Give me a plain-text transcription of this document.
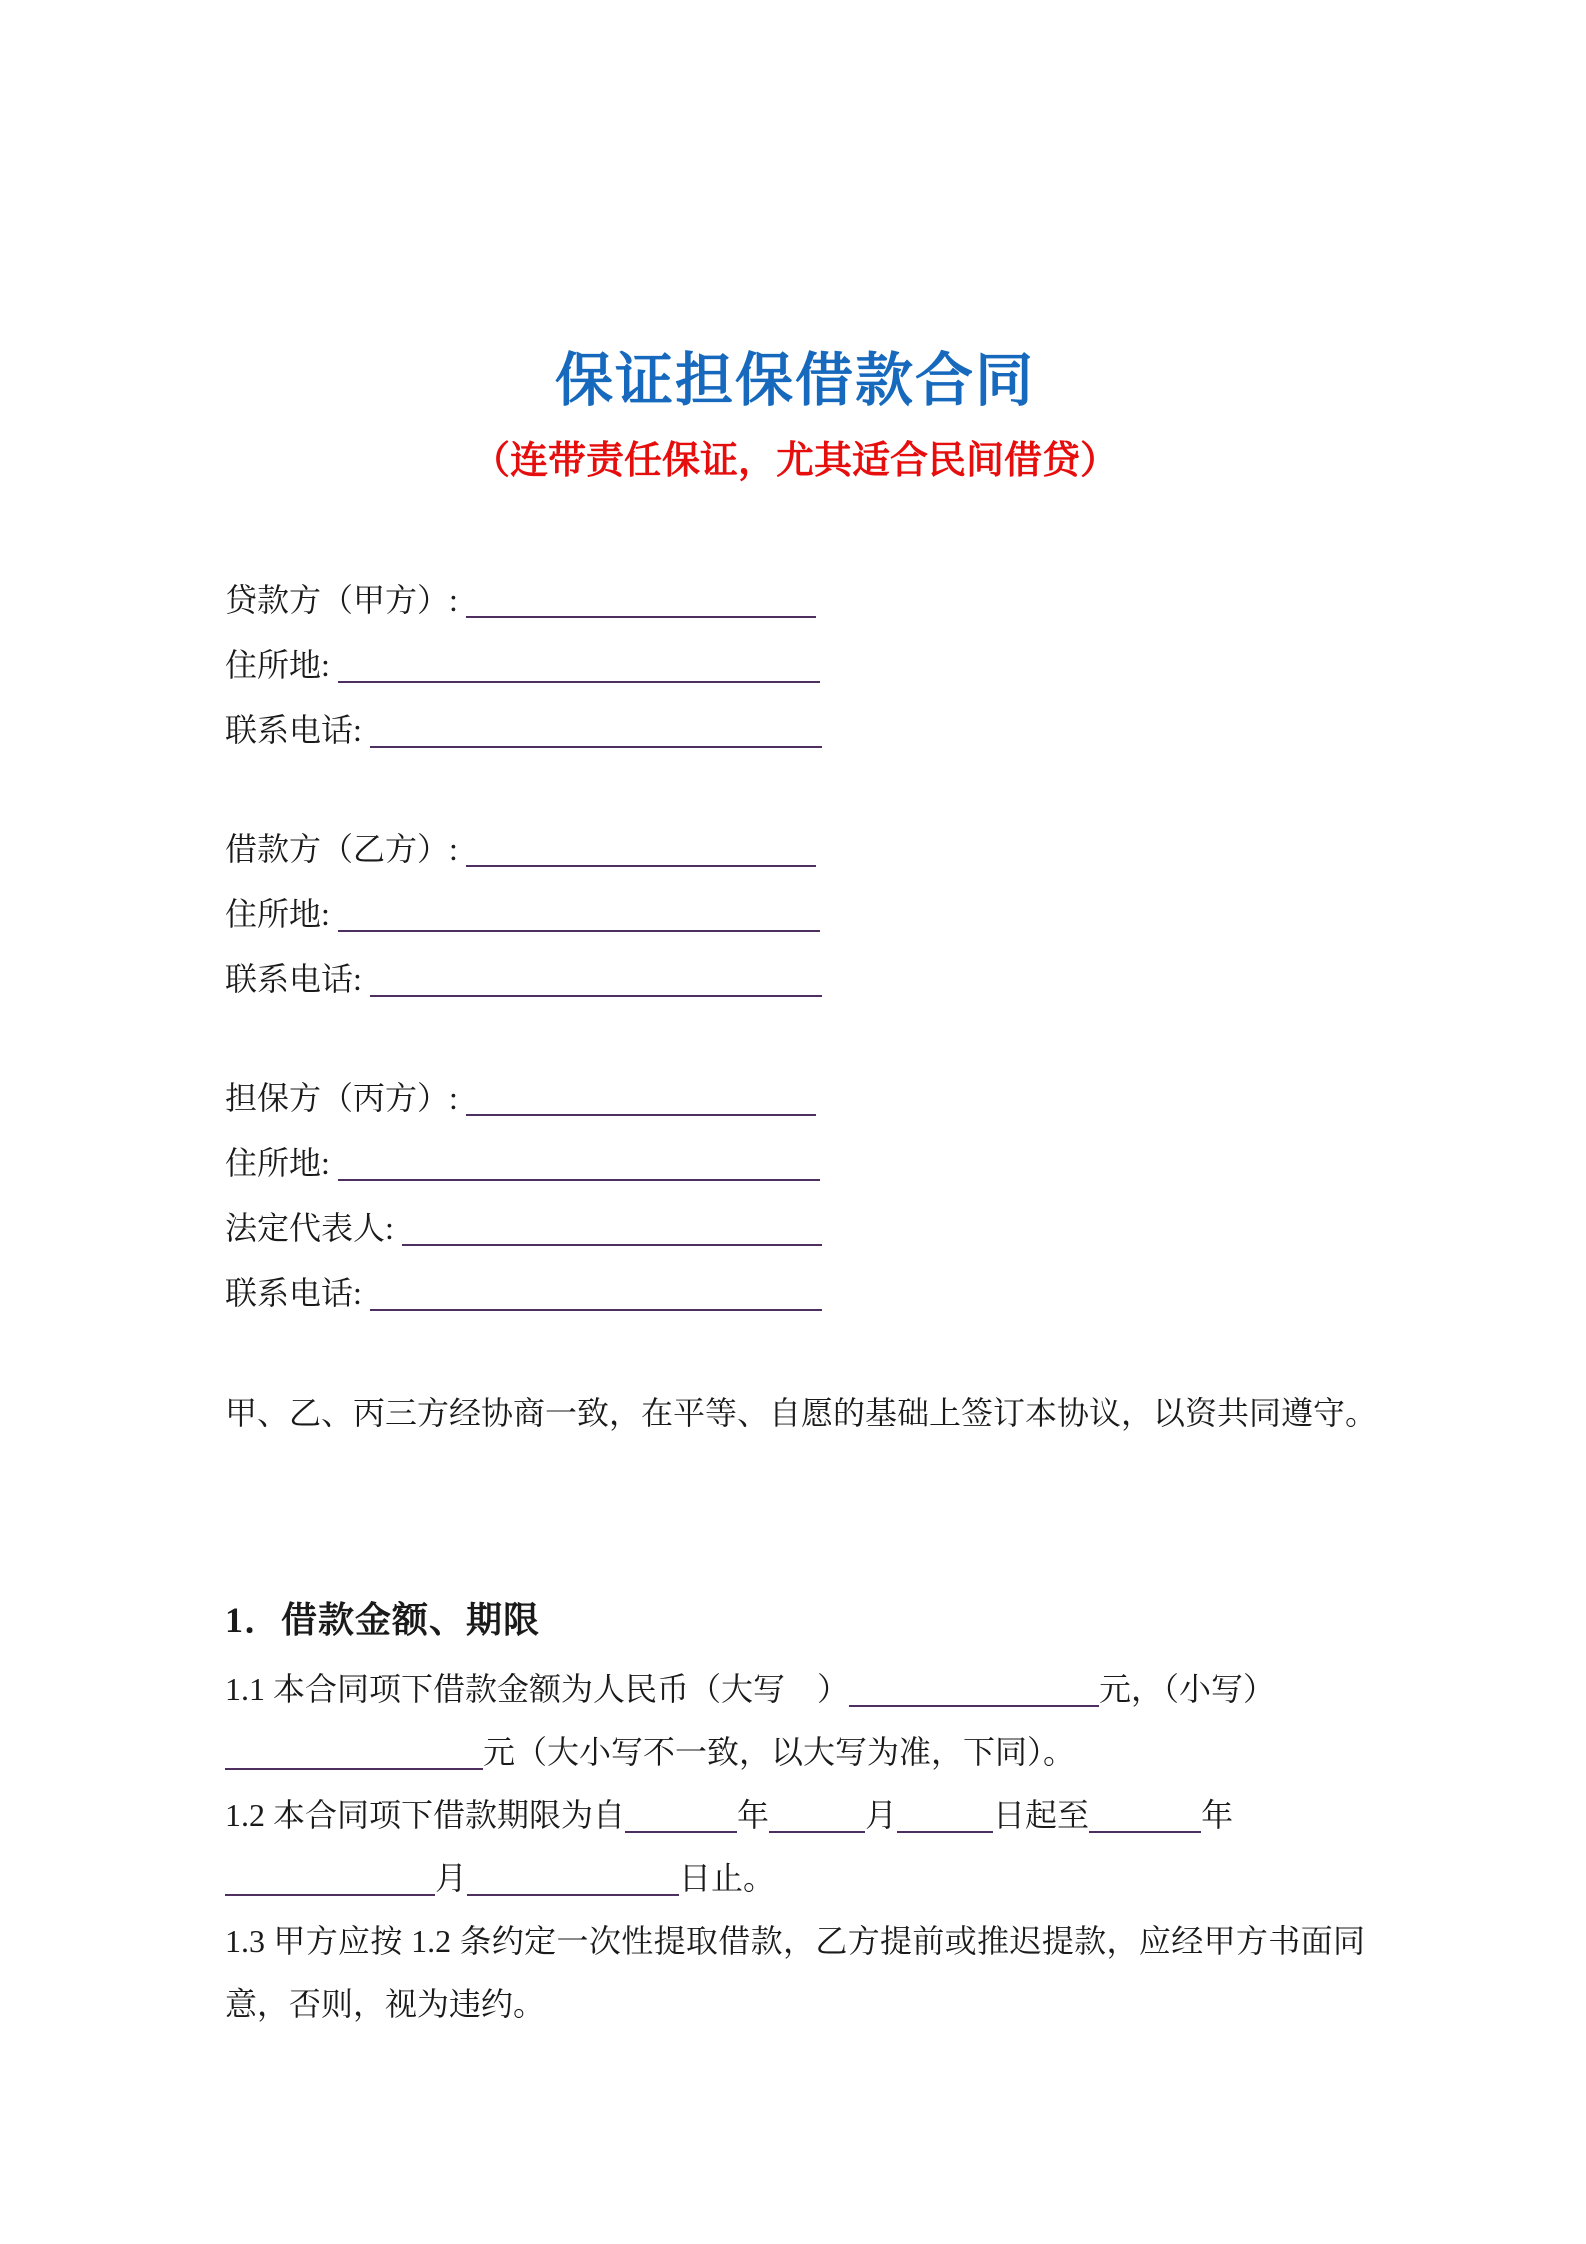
保证担保借款合同
（连带责任保证，尤其适合民间借贷）
贷款方（甲方）:
住所地:
联系电话:
借款方（乙方）:
住所地:
联系电话:
担保方（丙方）:
住所地:
法定代表人:
联系电话:

甲、乙、丙三方经协商一致，在平等、自愿的基础上签订本协议，以资共同遵守。

1．借款金额、期限

1.1 本合同项下借款金额为人民币（大写　）	元，（小写）
元（大小写不一致，以大写为准，下同）。

1.2 本合同项下借款期限为自	年	月	日起至	年
月	日止。

1.3 甲方应按 1.2 条约定一次性提取借款，乙方提前或推迟提款，应经甲方书面同意，否则，视为违约。
